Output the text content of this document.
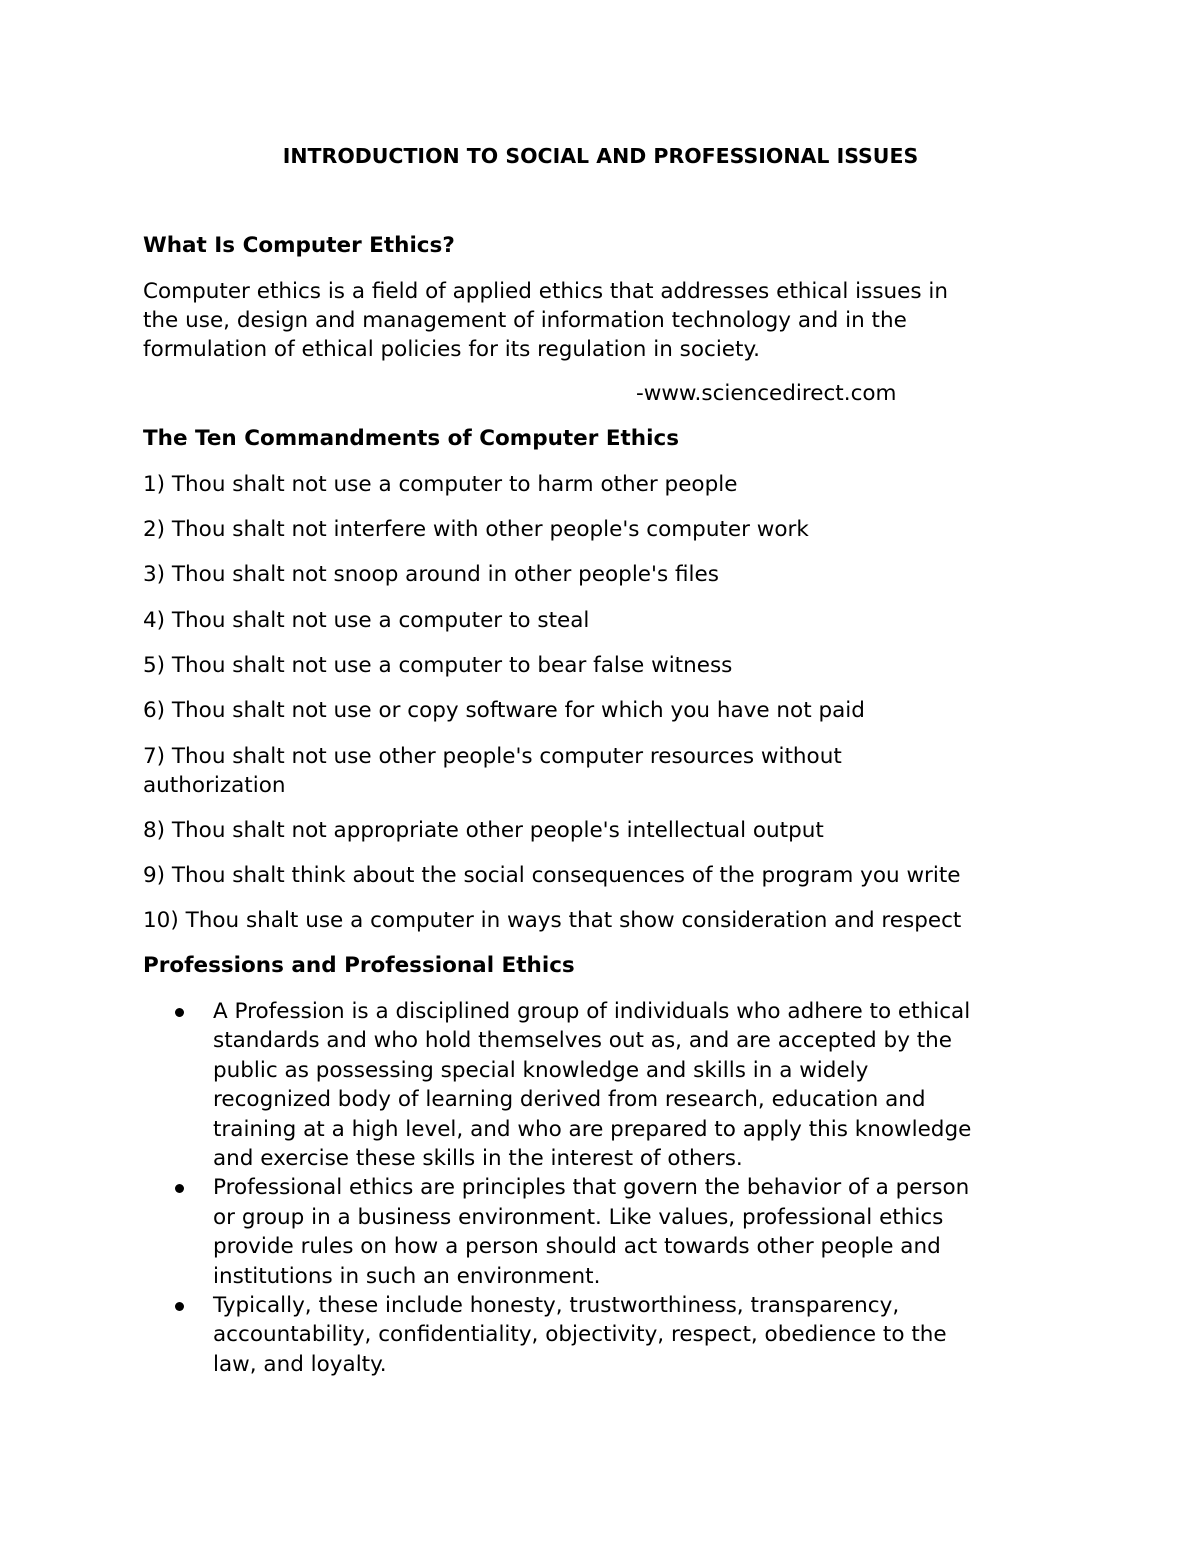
INTRODUCTION TO SOCIAL AND PROFESSIONAL ISSUES
What Is Computer Ethics?
Computer ethics is a field of applied ethics that addresses ethical issues in
the use, design and management of information technology and in the
formulation of ethical policies for its regulation in society.
-www.sciencedirect.com
The Ten Commandments of Computer Ethics
1) Thou shalt not use a computer to harm other people
2) Thou shalt not interfere with other people's computer work
3) Thou shalt not snoop around in other people's files
4) Thou shalt not use a computer to steal
5) Thou shalt not use a computer to bear false witness
6) Thou shalt not use or copy software for which you have not paid
7) Thou shalt not use other people's computer resources without
authorization
8) Thou shalt not appropriate other people's intellectual output
9) Thou shalt think about the social consequences of the program you write
10) Thou shalt use a computer in ways that show consideration and respect
Professions and Professional Ethics
A Profession is a disciplined group of individuals who adhere to ethical
standards and who hold themselves out as, and are accepted by the
public as possessing special knowledge and skills in a widely
recognized body of learning derived from research, education and
training at a high level, and who are prepared to apply this knowledge
and exercise these skills in the interest of others.
Professional ethics are principles that govern the behavior of a person
or group in a business environment. Like values, professional ethics
provide rules on how a person should act towards other people and
institutions in such an environment.
Typically, these include honesty, trustworthiness, transparency,
accountability, confidentiality, objectivity, respect, obedience to the
law, and loyalty.
